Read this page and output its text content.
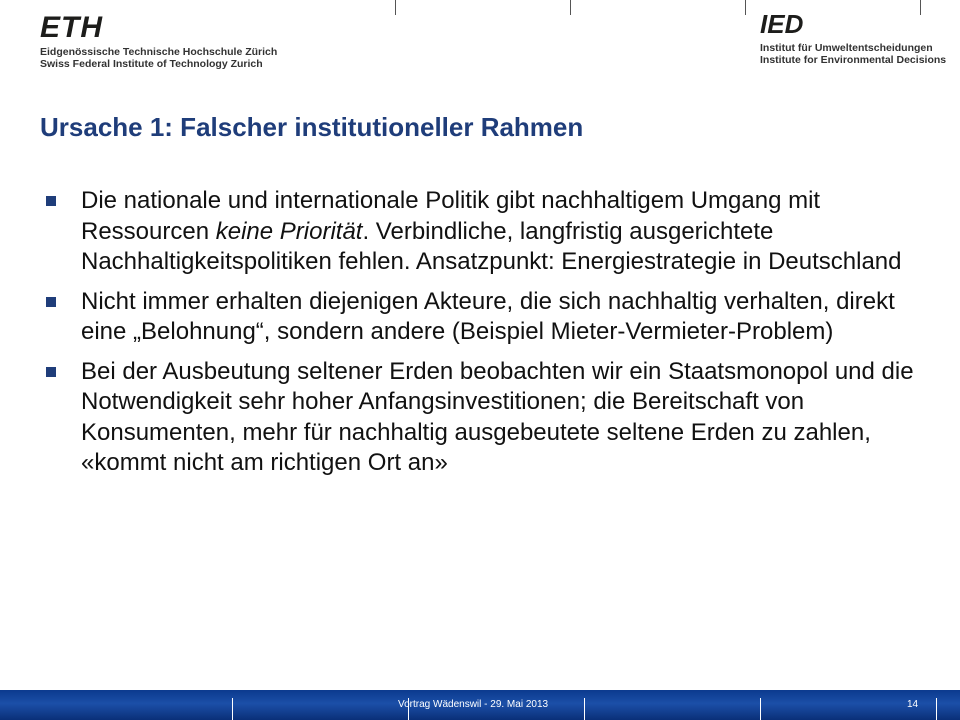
ETH
Eidgenössische Technische Hochschule Zürich
Swiss Federal Institute of Technology Zurich
IED
Institut für Umweltentscheidungen
Institute for Environmental Decisions
Ursache 1: Falscher institutioneller Rahmen
Die nationale und internationale Politik gibt nachhaltigem Umgang mit Ressourcen keine Priorität. Verbindliche, langfristig ausgerichtete Nachhaltigkeitspolitiken fehlen. Ansatzpunkt: Energiestrategie in Deutschland
Nicht immer erhalten diejenigen Akteure, die sich nachhaltig verhalten, direkt eine „Belohnung“, sondern andere (Beispiel Mieter-Vermieter-Problem)
Bei der Ausbeutung seltener Erden beobachten wir ein Staatsmonopol und die Notwendigkeit sehr hoher Anfangsinvestitionen; die Bereitschaft von Konsumenten, mehr für nachhaltig ausgebeutete seltene Erden zu zahlen, «kommt nicht am richtigen Ort an»
Vortrag Wädenswil - 29. Mai 2013	14
